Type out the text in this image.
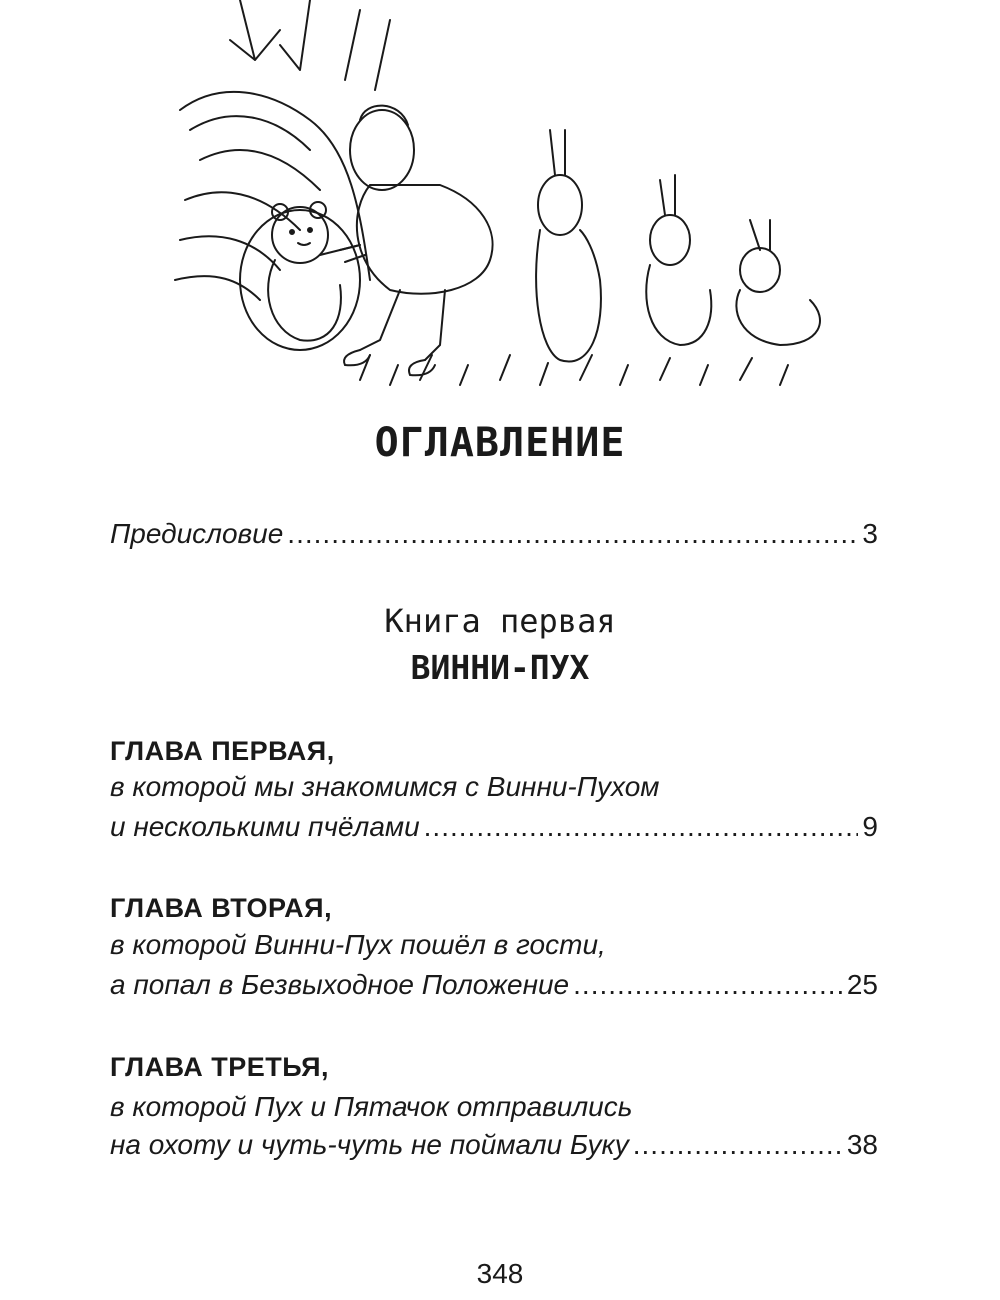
ОГЛАВЛЕНИЕ
Предисловие .....	3
Книга первая
ВИННИ-ПУХ
ГЛАВА ПЕРВАЯ,
в которой мы знакомимся с Винни-Пухом
и несколькими пчёлами .....	9
ГЛАВА ВТОРАЯ,
в которой Винни-Пух пошёл в гости,
а попал в Безвыходное Положение .....	25
ГЛАВА ТРЕТЬЯ,
в которой Пух и Пятачок отправились
на охоту и чуть-чуть не поймали Буку .....	38
348
